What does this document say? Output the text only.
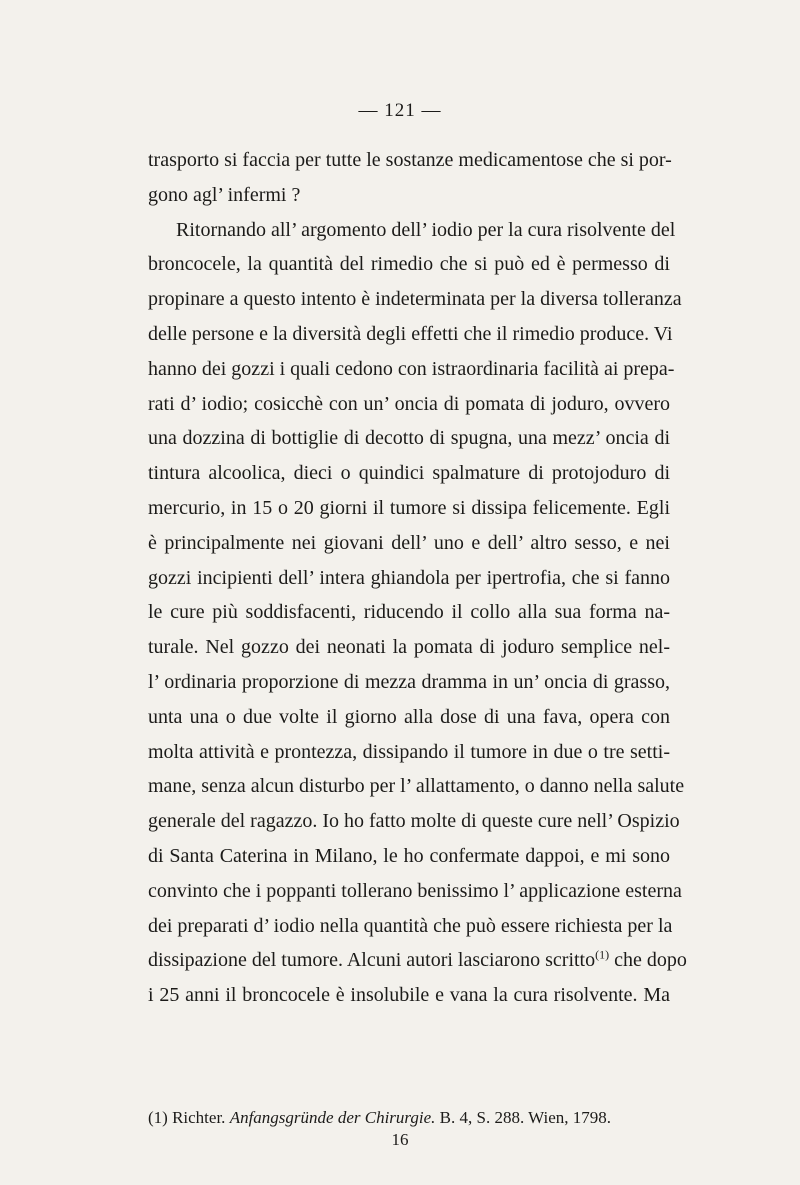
— 121 —
trasporto si faccia per tutte le sostanze medicamentose che si por-
gono agl’ infermi ?
Ritornando all’ argomento dell’ iodio per la cura risolvente del
broncocele, la quantità del rimedio che si può ed è permesso di
propinare a questo intento è indeterminata per la diversa tolleranza
delle persone e la diversità degli effetti che il rimedio produce. Vi
hanno dei gozzi i quali cedono con istraordinaria facilità ai prepa-
rati d’ iodio; cosicchè con un’ oncia di pomata di joduro, ovvero
una dozzina di bottiglie di decotto di spugna, una mezz’ oncia di
tintura alcoolica, dieci o quindici spalmature di protojoduro di
mercurio, in 15 o 20 giorni il tumore si dissipa felicemente. Egli
è principalmente nei giovani dell’ uno e dell’ altro sesso, e nei
gozzi incipienti dell’ intera ghiandola per ipertrofia, che si fanno
le cure più soddisfacenti, riducendo il collo alla sua forma na-
turale. Nel gozzo dei neonati la pomata di joduro semplice nel-
l’ ordinaria proporzione di mezza dramma in un’ oncia di grasso,
unta una o due volte il giorno alla dose di una fava, opera con
molta attività e prontezza, dissipando il tumore in due o tre setti-
mane, senza alcun disturbo per l’ allattamento, o danno nella salute
generale del ragazzo. Io ho fatto molte di queste cure nell’ Ospizio
di Santa Caterina in Milano, le ho confermate dappoi, e mi sono
convinto che i poppanti tollerano benissimo l’ applicazione esterna
dei preparati d’ iodio nella quantità che può essere richiesta per la
dissipazione del tumore. Alcuni autori lasciarono scritto$^{(1)}$ che dopo
i 25 anni il broncocele è insolubile e vana la cura risolvente. Ma
(1) Richter. Anfangsgründe der Chirurgie. B. 4, S. 288. Wien, 1798.
16
